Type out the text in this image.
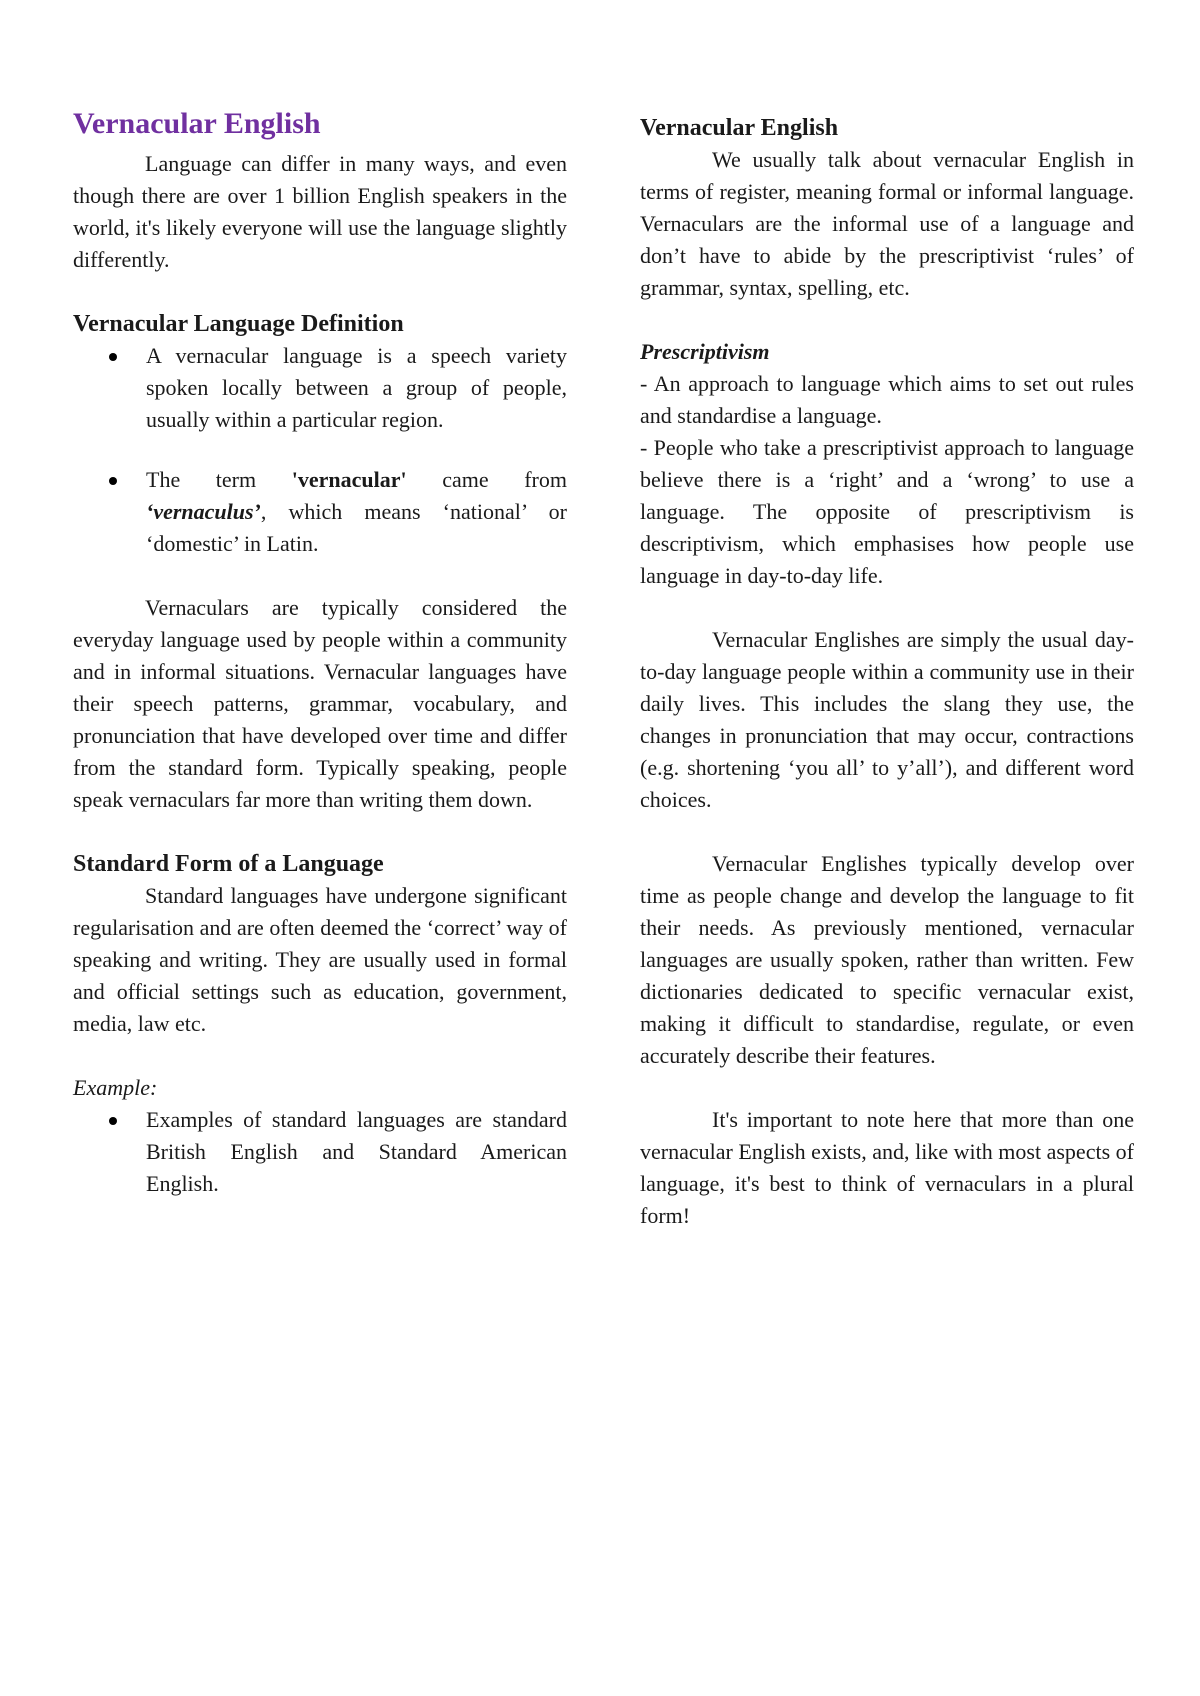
Vernacular English

Language can differ in many ways, and even though there are over 1 billion English speakers in the world, it's likely everyone will use the language slightly differently.

Vernacular Language Definition
A vernacular language is a speech variety spoken locally between a group of people, usually within a particular region.
The term 'vernacular' came from ‘vernaculus’, which means ‘national’ or ‘domestic’ in Latin.

Vernaculars are typically considered the everyday language used by people within a community and in informal situations. Vernacular languages have their speech patterns, grammar, vocabulary, and pronunciation that have developed over time and differ from the standard form. Typically speaking, people speak vernaculars far more than writing them down.

Standard Form of a Language

Standard languages have undergone significant regularisation and are often deemed the ‘correct’ way of speaking and writing. They are usually used in formal and official settings such as education, government, media, law etc.

Example:

Examples of standard languages are standard British English and Standard American English.
Vernacular English

We usually talk about vernacular English in terms of register, meaning formal or informal language. Vernaculars are the informal use of a language and don’t have to abide by the prescriptivist ‘rules’ of grammar, syntax, spelling, etc.

Prescriptivism

- An approach to language which aims to set out rules and standardise a language.

- People who take a prescriptivist approach to language believe there is a ‘right’ and a ‘wrong’ to use a language. The opposite of prescriptivism is descriptivism, which emphasises how people use language in day-to-day life.

Vernacular Englishes are simply the usual day-to-day language people within a community use in their daily lives. This includes the slang they use, the changes in pronunciation that may occur, contractions (e.g. shortening ‘you all’ to y’all’), and different word choices.

Vernacular Englishes typically develop over time as people change and develop the language to fit their needs. As previously mentioned, vernacular languages are usually spoken, rather than written. Few dictionaries dedicated to specific vernacular exist, making it difficult to standardise, regulate, or even accurately describe their features.

It's important to note here that more than one vernacular English exists, and, like with most aspects of language, it's best to think of vernaculars in a plural form!
